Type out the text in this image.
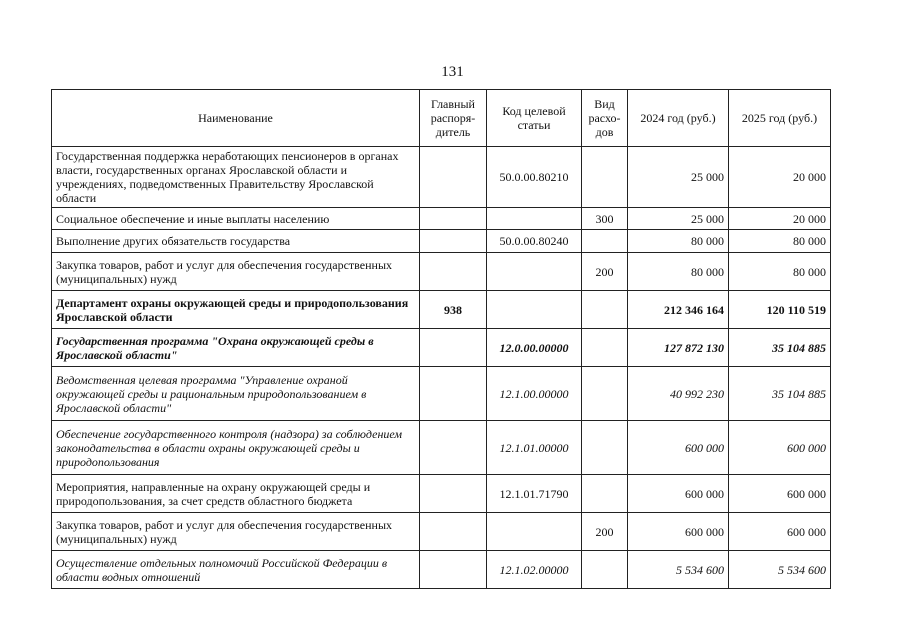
131
Наименование	Главный распоря-дитель	Код целевой статьи	Вид расхо-дов	2024 год (руб.)	2025 год (руб.)
Государственная поддержка неработающих пенсионеров в органах власти, государственных органах Ярославской области и учреждениях, подведомственных Правительству Ярославской области		50.0.00.80210		25 000	20 000
Социальное обеспечение и иные выплаты населению			300	25 000	20 000
Выполнение других обязательств государства		50.0.00.80240		80 000	80 000
Закупка товаров, работ и услуг для обеспечения государственных (муниципальных) нужд			200	80 000	80 000
Департамент охраны окружающей среды и природопользования Ярославской области	938			212 346 164	120 110 519
Государственная программа "Охрана окружающей среды в Ярославской области"		12.0.00.00000		127 872 130	35 104 885
Ведомственная целевая программа "Управление охраной окружающей среды и рациональным природопользованием в Ярославской области"		12.1.00.00000		40 992 230	35 104 885
Обеспечение государственного контроля (надзора) за соблюдением законодательства в области охраны окружающей среды и природопользования		12.1.01.00000		600 000	600 000
Мероприятия, направленные на охрану окружающей среды и природопользования, за счет средств областного бюджета		12.1.01.71790		600 000	600 000
Закупка товаров, работ и услуг для обеспечения государственных (муниципальных) нужд			200	600 000	600 000
Осуществление отдельных полномочий Российской Федерации в области водных отношений		12.1.02.00000		5 534 600	5 534 600
